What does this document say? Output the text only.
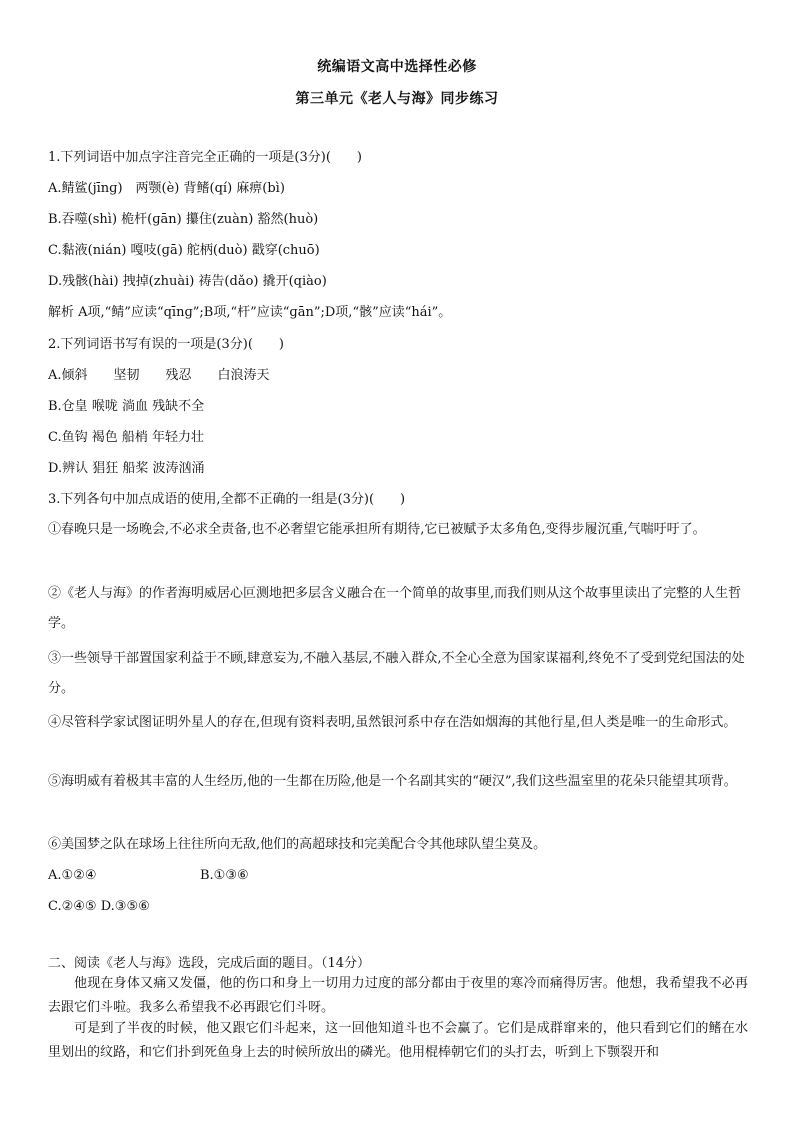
统编语文高中选择性必修
第三单元《老人与海》同步练习
1.下列词语中加点字注音完全正确的一项是(3分)(　　)
A.鲭鲨(jīnɡ)　两颚(è) 背鳍(qí) 麻痹(bì)
B.吞噬(shì) 桅杆(ɡān) 攥住(zuàn) 豁然(huò)
C.黏液(nián) 嘎吱(ɡā) 舵柄(duò) 戳穿(chuō)
D.残骸(hài) 拽掉(zhuài) 祷告(dǎo) 撬开(qiào)
解析 A项,“鲭”应读“qīnɡ”;B项,“杆”应读“ɡān”;D项,“骸”应读“hái”。
2.下列词语书写有误的一项是(3分)(　　)
A.倾斜　　坚韧　　残忍　　白浪涛天
B.仓皇 喉咙 淌血 残缺不全
C.鱼钩 褐色 船梢 年轻力壮
D.辨认 猖狂 船桨 波涛汹涌
3.下列各句中加点成语的使用,全都不正确的一组是(3分)(　　)
①春晚只是一场晚会,不必求全责备,也不必奢望它能承担所有期待,它已被赋予太多角色,变得步履沉重,气喘吁吁了。
②《老人与海》的作者海明威居心叵测地把多层含义融合在一个简单的故事里,而我们则从这个故事里读出了完整的人生哲学。
③一些领导干部置国家利益于不顾,肆意妄为,不融入基层,不融入群众,不全心全意为国家谋福利,终免不了受到党纪国法的处分。
④尽管科学家试图证明外星人的存在,但现有资料表明,虽然银河系中存在浩如烟海的其他行星,但人类是唯一的生命形式。
⑤海明威有着极其丰富的人生经历,他的一生都在历险,他是一个名副其实的“硬汉”,我们这些温室里的花朵只能望其项背。
⑥美国梦之队在球场上往往所向无敌,他们的高超球技和完美配合令其他球队望尘莫及。
A.①②④	B.①③⑥
C.②④⑤ D.③⑤⑥
二、阅读《老人与海》选段，完成后面的题目。（14分）
他现在身体又痛又发僵，他的伤口和身上一切用力过度的部分都由于夜里的寒冷而痛得厉害。他想，我希望我不必再去跟它们斗啦。我多么希望我不必再跟它们斗呀。
可是到了半夜的时候，他又跟它们斗起来，这一回他知道斗也不会赢了。它们是成群窜来的，他只看到它们的鳍在水里划出的纹路，和它们扑到死鱼身上去的时候所放出的磷光。他用棍棒朝它们的头打去，听到上下颚裂开和
